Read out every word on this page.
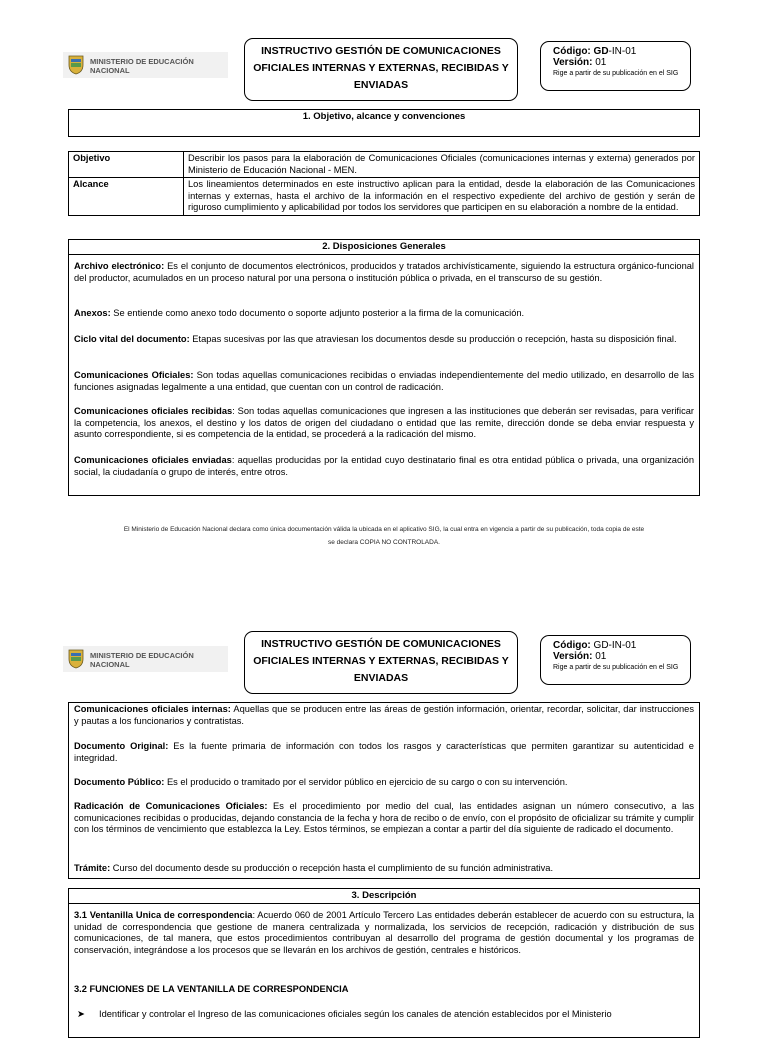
MINISTERIO DE EDUCACIÓN
NACIONAL
INSTRUCTIVO GESTIÓN DE COMUNICACIONES
OFICIALES INTERNAS Y EXTERNAS, RECIBIDAS Y
ENVIADAS
Código: GD-IN-01
Versión: 01
Rige a partir de su publicación en el SIG
1. Objetivo, alcance y convenciones
Objetivo	Describir los pasos para la elaboración de Comunicaciones Oficiales (comunicaciones internas y externa) generados por Ministerio de Educación Nacional - MEN.
Alcance	Los lineamientos determinados en este instructivo aplican para la entidad, desde la elaboración de las Comunicaciones internas y externas, hasta el archivo de la información en el respectivo expediente del archivo de gestión y serán de riguroso cumplimiento y aplicabilidad por todos los servidores que participen en su elaboración a nombre de la entidad.
2. Disposiciones Generales
Archivo electrónico: Es el conjunto de documentos electrónicos, producidos y tratados archivísticamente, siguiendo la estructura orgánico-funcional del productor, acumulados en un proceso natural por una persona o institución pública o privada, en el transcurso de su gestión.
Anexos: Se entiende como anexo todo documento o soporte adjunto posterior a la firma de la comunicación.
Ciclo vital del documento: Etapas sucesivas por las que atraviesan los documentos desde su producción o recepción, hasta su disposición final.
Comunicaciones Oficiales: Son todas aquellas comunicaciones recibidas o enviadas independientemente del medio utilizado, en desarrollo de las funciones asignadas legalmente a una entidad, que cuentan con un control de radicación.
Comunicaciones oficiales recibidas: Son todas aquellas comunicaciones que ingresen a las instituciones que deberán ser revisadas, para verificar la competencia, los anexos, el destino y los datos de origen del ciudadano o entidad que las remite, dirección donde se deba enviar respuesta y asunto correspondiente, si es competencia de la entidad, se procederá a la radicación del mismo.
Comunicaciones oficiales enviadas: aquellas producidas por la entidad cuyo destinatario final es otra entidad pública o privada, una organización social, la ciudadanía o grupo de interés, entre otros.
El Ministerio de Educación Nacional declara como única documentación válida la ubicada en el aplicativo SIG, la cual entra en vigencia a partir de su publicación, toda copia de este
se declara COPIA NO CONTROLADA.
MINISTERIO DE EDUCACIÓN
NACIONAL
INSTRUCTIVO GESTIÓN DE COMUNICACIONES
OFICIALES INTERNAS Y EXTERNAS, RECIBIDAS Y
ENVIADAS
Código: GD-IN-01
Versión: 01
Rige a partir de su publicación en el SIG
Comunicaciones oficiales internas: Aquellas que se producen entre las áreas de gestión información, orientar, recordar, solicitar, dar instrucciones y pautas a los funcionarios y contratistas.
Documento Original: Es la fuente primaria de información con todos los rasgos y características que permiten garantizar su autenticidad e integridad.
Documento Público: Es el producido o tramitado por el servidor público en ejercicio de su cargo o con su intervención.
Radicación de Comunicaciones Oficiales: Es el procedimiento por medio del cual, las entidades asignan un número consecutivo, a las comunicaciones recibidas o producidas, dejando constancia de la fecha y hora de recibo o de envío, con el propósito de oficializar su trámite y cumplir con los términos de vencimiento que establezca la Ley. Estos términos, se empiezan a contar a partir del día siguiente de radicado el documento.
Trámite: Curso del documento desde su producción o recepción hasta el cumplimiento de su función administrativa.
3. Descripción
3.1 Ventanilla Unica de correspondencia: Acuerdo 060 de 2001 Artículo Tercero Las entidades deberán establecer de acuerdo con su estructura, la unidad de correspondencia que gestione de manera centralizada y normalizada, los servicios de recepción, radicación y distribución de sus comunicaciones, de tal manera, que estos procedimientos contribuyan al desarrollo del programa de gestión documental y los programas de conservación, integrándose a los procesos que se llevarán en los archivos de gestión, centrales e históricos.
3.2 FUNCIONES DE LA VENTANILLA DE CORRESPONDENCIA
➤ Identificar y controlar el Ingreso de las comunicaciones oficiales según los canales de atención establecidos por el Ministerio
